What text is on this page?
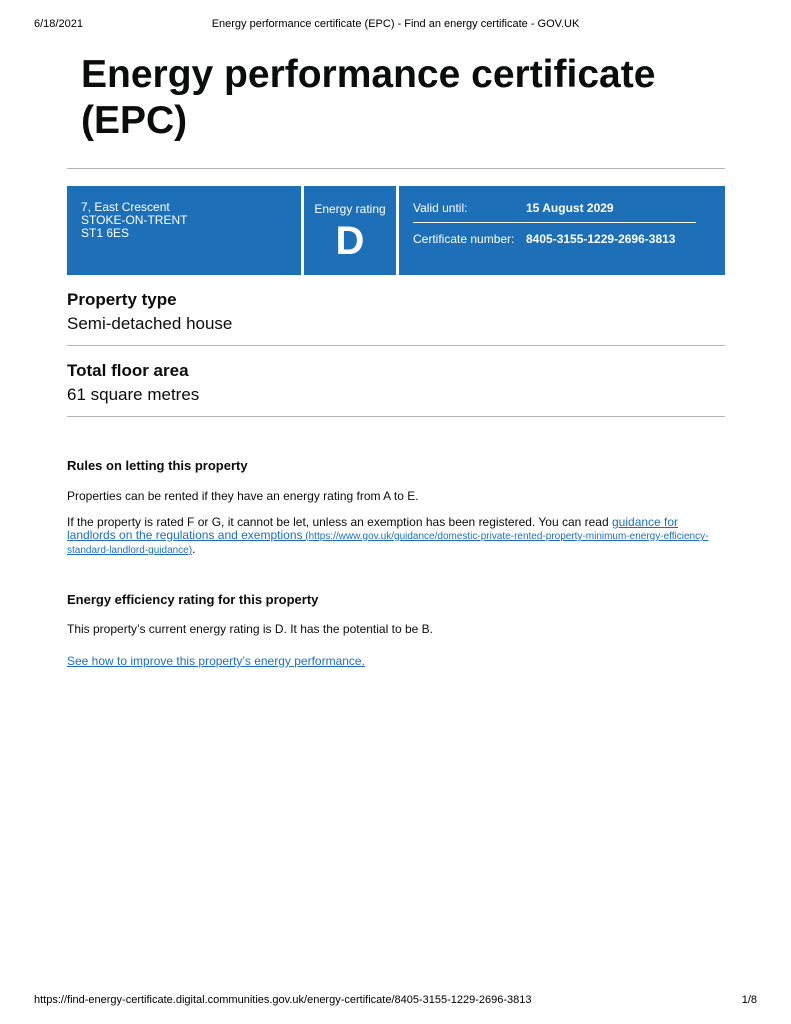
6/18/2021	Energy performance certificate (EPC) - Find an energy certificate - GOV.UK
Energy performance certificate (EPC)
7, East Crescent
STOKE-ON-TRENT
ST1 6ES
Energy rating
D
Valid until:	15 August 2029
Certificate number: 8405-3155-1229-2696-3813
Property type
Semi-detached house
Total floor area
61 square metres
Rules on letting this property
Properties can be rented if they have an energy rating from A to E.
If the property is rated F or G, it cannot be let, unless an exemption has been registered. You can read guidance for landlords on the regulations and exemptions (https://www.gov.uk/guidance/domestic-private-rented-property-minimum-energy-efficiency-standard-landlord-guidance).
Energy efficiency rating for this property
This property’s current energy rating is D. It has the potential to be B.
See how to improve this property’s energy performance.
https://find-energy-certificate.digital.communities.gov.uk/energy-certificate/8405-3155-1229-2696-3813	1/8
